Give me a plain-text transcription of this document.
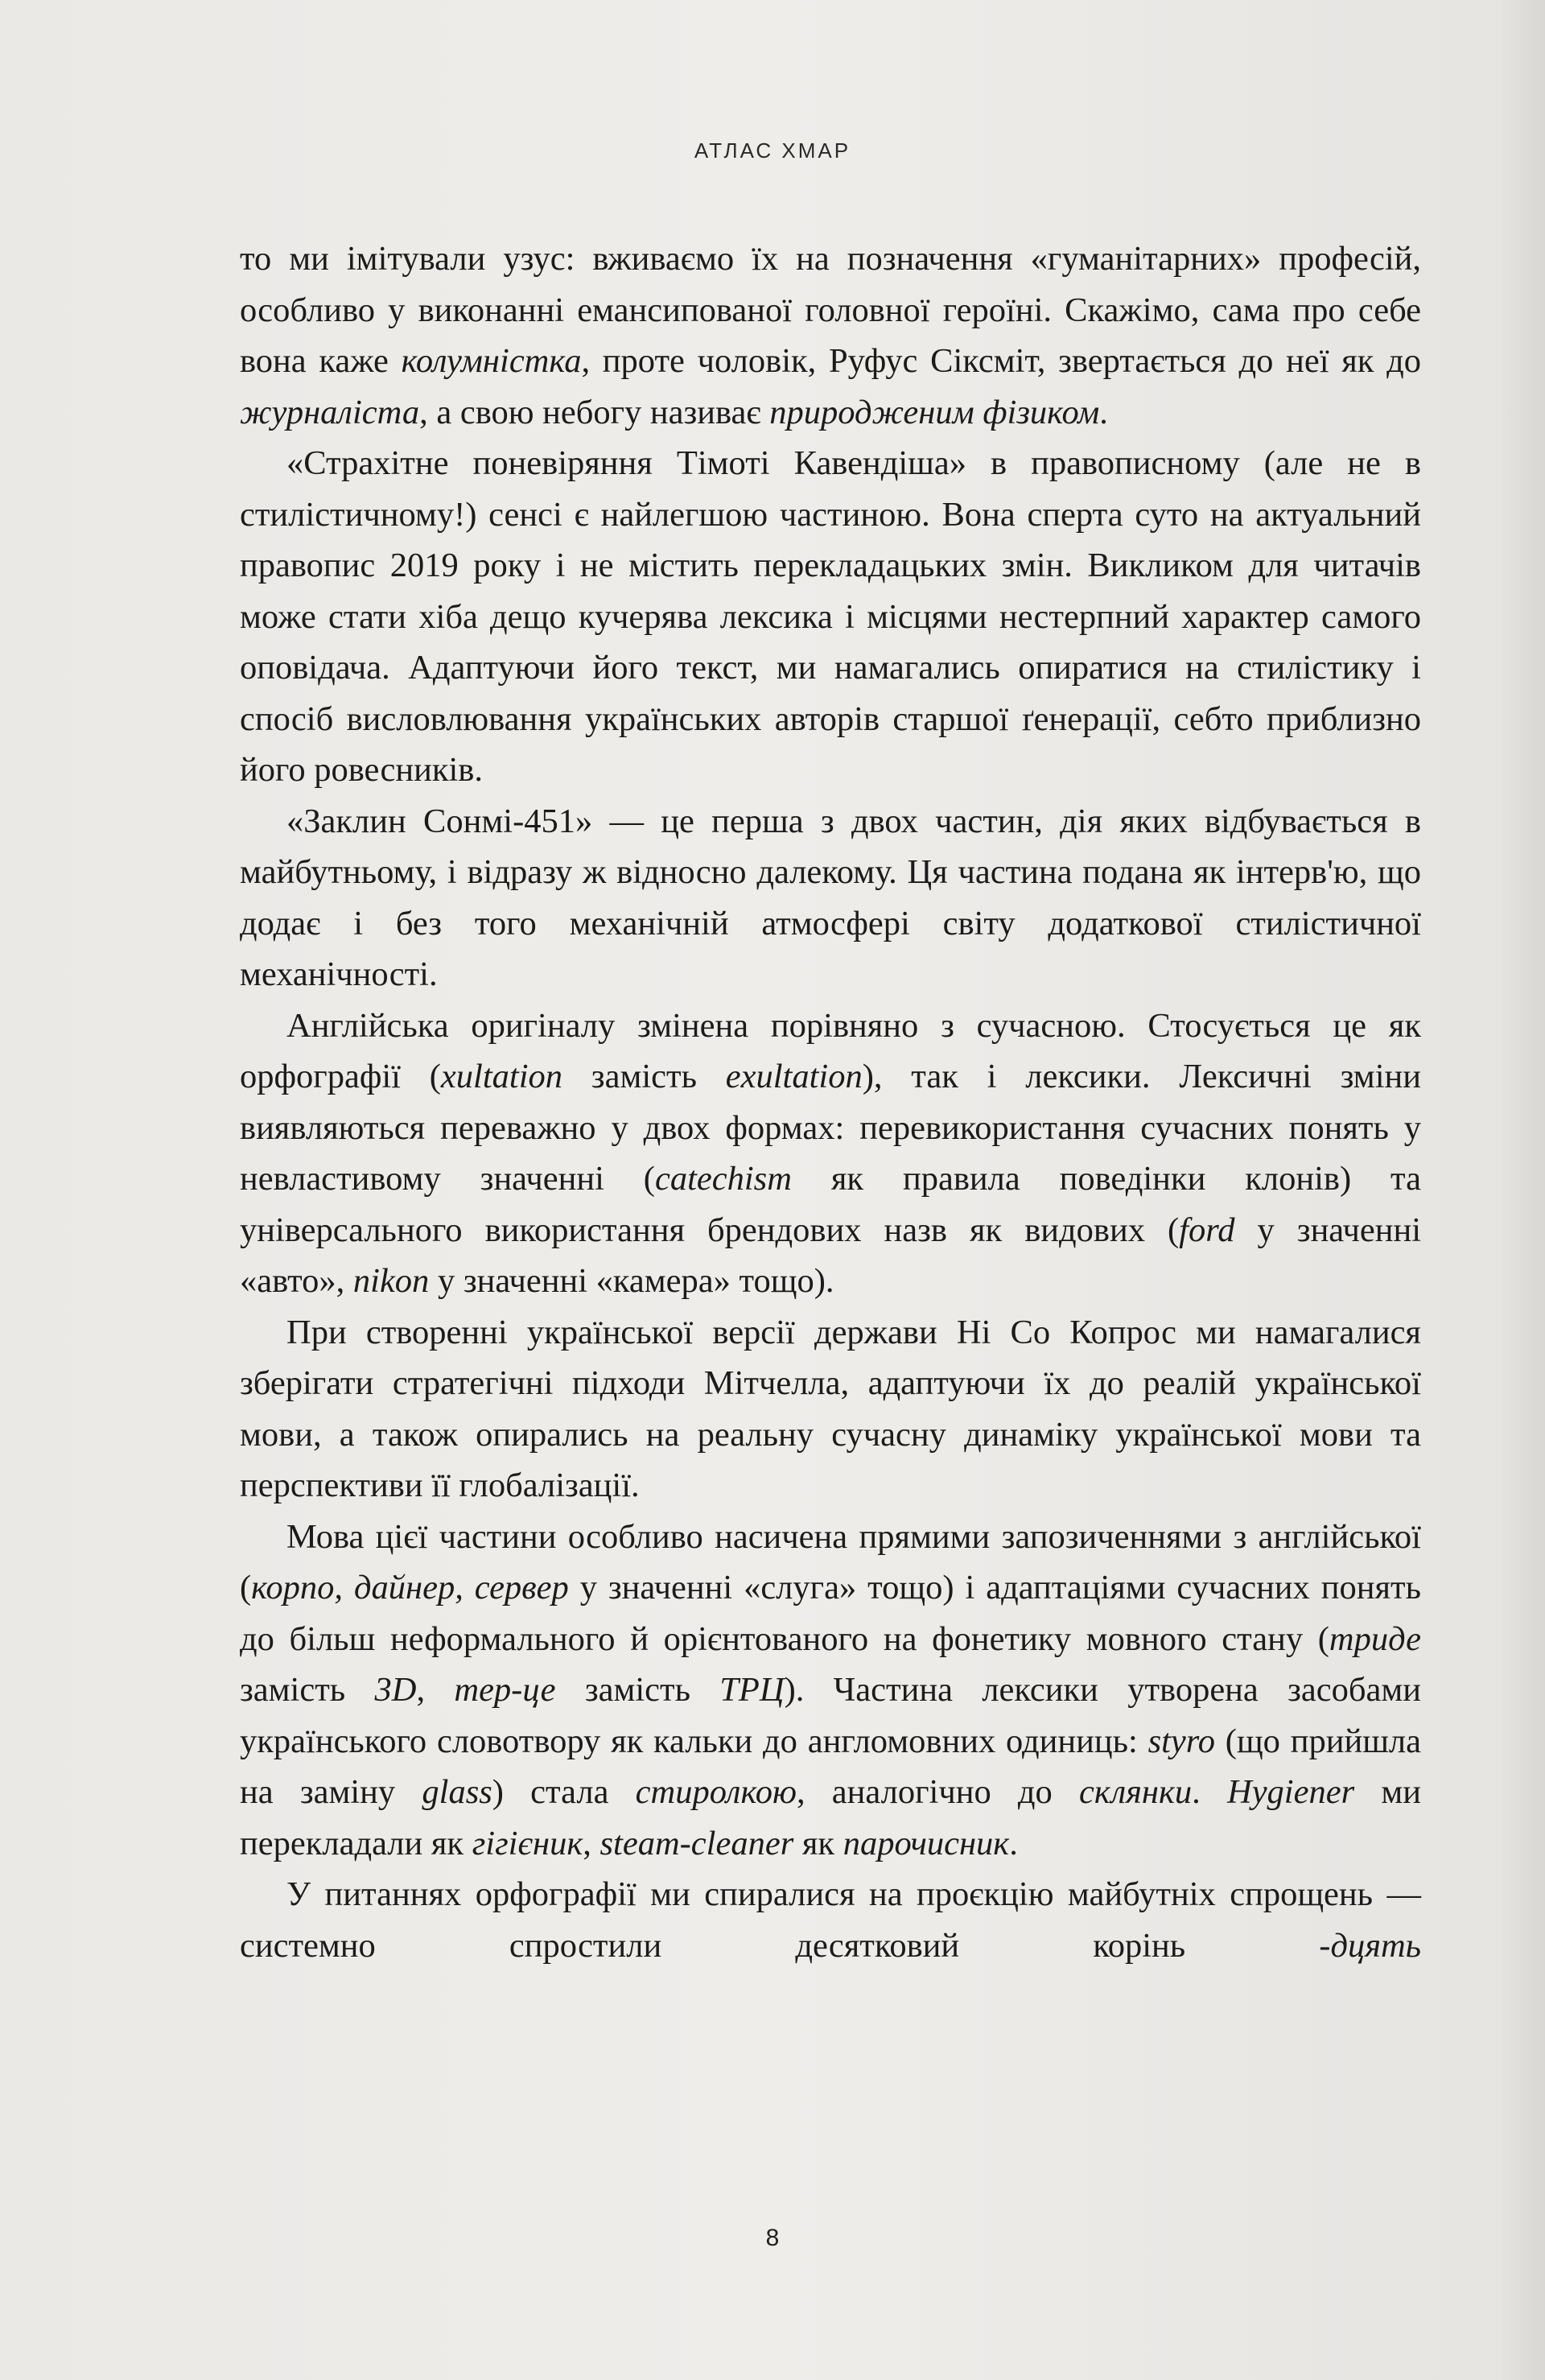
АТЛАС ХМАР

то ми імітували узус: вживаємо їх на позначення «гуманітарних» професій, особливо у виконанні емансипованої головної героїні. Скажімо, сама про себе вона каже колумністка, проте чоловік, Руфус Сіксміт, звертається до неї як до журналіста, а свою небогу називає природженим фізиком.

«Страхітне поневіряння Тімоті Кавендіша» в правописному (але не в стилістичному!) сенсі є найлегшою частиною. Вона сперта суто на актуальний правопис 2019 року і не містить перекладацьких змін. Викликом для читачів може стати хіба дещо кучерява лексика і місцями нестерпний характер самого оповідача. Адаптуючи його текст, ми намагались опиратися на стилістику і спосіб висловлювання українських авторів старшої ґенерації, себто приблизно його ровесників.

«Заклин Сонмі-451» — це перша з двох частин, дія яких відбувається в майбутньому, і відразу ж відносно далекому. Ця частина подана як інтерв'ю, що додає і без того механічній атмосфері світу додаткової стилістичної механічності.

Англійська оригіналу змінена порівняно з сучасною. Стосується це як орфографії (xultation замість exultation), так і лексики. Лексичні зміни виявляються переважно у двох формах: перевикористання сучасних понять у невластивому значенні (catechism як правила поведінки клонів) та універсального використання брендових назв як видових (ford у значенні «авто», nikon у значенні «камера» тощо).

При створенні української версії держави Ні Со Копрос ми намагалися зберігати стратегічні підходи Мітчелла, адаптуючи їх до реалій української мови, а також опирались на реальну сучасну динаміку української мови та перспективи її глобалізації.

Мова цієї частини особливо насичена прямими запозиченнями з англійської (корпо, дайнер, сервер у значенні «слуга» тощо) і адаптаціями сучасних понять до більш неформального й орієнтованого на фонетику мовного стану (триде замість 3D, тер-це замість ТРЦ). Частина лексики утворена засобами українського словотвору як кальки до англомовних одиниць: styro (що прийшла на заміну glass) стала стиролкою, аналогічно до склянки. Hygiener ми перекладали як гігієник, steam-cleaner як парочисник.

У питаннях орфографії ми спиралися на проєкцію майбутніх спрощень — системно спростили десятковий корінь -дцять

8
